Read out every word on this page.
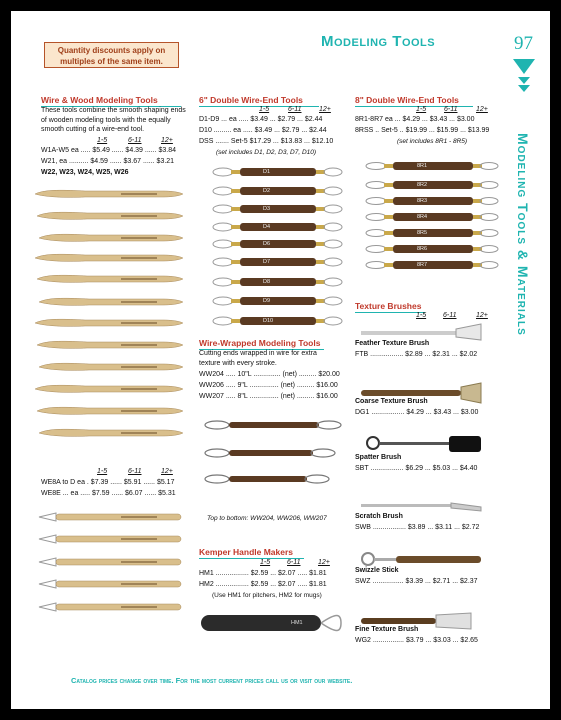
Quantity discounts apply on multiples of the same item.
Modeling Tools	97
Modeling Tools & Materials
Wire & Wood Modeling Tools
These tools combine the smooth shaping ends of wooden modeling tools with the equally smooth cutting of a wire-end tool.
1-5	6-11	12+
W1A-W5 ea ..... $5.49 ...... $4.39 ...... $3.84
W21, ea .......... $4.59 ...... $3.67 ...... $3.21
W22, W23, W24, W25, W26
1-5	6-11	12+
WE8A to D ea . $7.39 ...... $5.91 ...... $5.17
WE8E ... ea ..... $7.59 ...... $6.07 ...... $5.31
6" Double Wire-End Tools
1-5	6-11	12+
D1-D9 ... ea ..... $3.49 ... $2.79 ... $2.44
D10 ......... ea ..... $3.49 ... $2.79 ... $2.44
DSS ....... Set-5 $17.29 ... $13.83 ... $12.10
(set includes D1, D2, D3, D7, D10)
8" Double Wire-End Tools
1-5	6-11	12+
8R1-8R7 ea ... $4.29 ... $3.43 ... $3.00
8RSS .. Set-5 .. $19.99 ... $15.99 ... $13.99
(set includes 8R1 - 8R5)
Wire-Wrapped Modeling Tools
Cutting ends wrapped in wire for extra texture with every stroke.
WW204 ..... 10"L .............. (net) ......... $20.00
WW206 ..... 9"L ............... (net) ......... $16.00
WW207 ..... 8"L ............... (net) ......... $16.00
Top to bottom: WW204, WW206, WW207
Kemper Handle Makers
1-5 6-11	12+
HM1 ................. $2.59 ... $2.07 ..... $1.81
HM2 ................. $2.59 ... $2.07 ..... $1.81
(Use HM1 for pitchers, HM2 for mugs)
Texture Brushes
1-5 6-11	12+
Feather Texture Brush
FTB ................. $2.89 ... $2.31 ... $2.02
Coarse Texture Brush
DG1 ................. $4.29 ... $3.43 ... $3.00
Spatter Brush
SBT ................. $6.29 ... $5.03 ... $4.40
Scratch Brush
SWB ................. $3.89 ... $3.11 ... $2.72
Swizzle Stick
SWZ ................ $3.39 ... $2.71 ... $2.37
Fine Texture Brush
WG2 ................ $3.79 ... $3.03 ... $2.65
D1
D2
D3
D4
D6
D7
D8
D9
D10
8R1
8R2
8R3
8R4
8R5
8R6
8R7
HM1
Catalog prices change over time. For the most current prices call us or visit our website.
